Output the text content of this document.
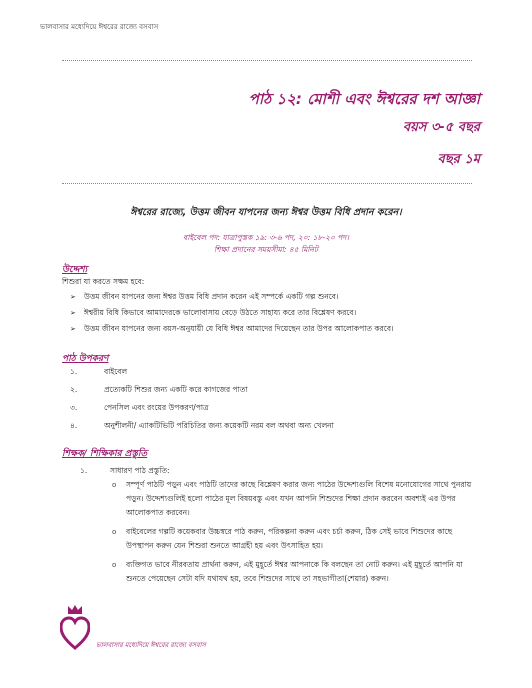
ভালবাসার মধ্যেদিয়ে ঈশ্বরের রাজ্যে বসবাস
পাঠ ১২: মোশী এবং ঈশ্বরের দশ আজ্ঞা
বয়স ৩-৫ বছর
বছর ১ম
ঈশ্বরের রাজ্যে, উত্তম জীবন যাপনের জন্য ঈশ্বর উত্তম বিধি প্রদান করেন।
বাইবেল পদ: যাত্রাপুস্তক ১৯: ৩-৬ পদ, ২০: ১৮-২০ পদ।
শিক্ষা প্রদানের সময়সীমা: ৪৫ মিনিট
উদ্দেশ্য
শিশুরা যা করতে সক্ষম হবে:
➢ উত্তম জীবন যাপনের জন্য ঈশ্বর উত্তম বিধি প্রদান করেন এই সম্পর্কে একটি গল্প শুনবে।
➢ ঈশ্বরীয় বিধি কিভাবে আমাদেরকে ভালোবাসায় বেড়ে উঠতে সাহায্য করে তার বিশ্লেষণ করবে।
➢ উত্তম জীবন যাপনের জন্য বয়স-অনুযায়ী যে বিধি ঈশ্বর আমাদের দিয়েছেন তার উপর আলোকপাত করবে।
পাঠ উপকরণ
১.	বাইবেল
২.	প্রত্যেকটি শিশুর জন্য একটি করে কাগজের পাতা
৩.	পেনসিল এবং রংয়ের উপকরণ/পাত্র
৪.	অনুশীলনী/ এ্যাকটিভিটি পরিচিতির জন্য কয়েকটি নরম বল অথবা অন্য খেলনা
শিক্ষক/ শিক্ষিকার প্রস্তুতি
১.	সাধারণ পাঠ প্রস্তুতি:
o সম্পূর্ণ পাঠটি পড়ুন এবং পাঠটি তাদের কাছে বিশ্লেষণ করার জন্য পাঠের উদ্দেশ্যগুলি বিশেষ মনোযোগের সাথে পুনরায় পড়ুন। উদ্দেশ্যগুলিই হলো পাঠের মূল বিষয়বস্তু এবং যখন আপনি শিশুদের শিক্ষা প্রদান করবেন অবশ্যই এর উপর আলোকপাত করবেন।
o বাইবেলের গল্পটি কয়েকবার উচ্চস্বরে পাঠ করুন, পরিকল্পনা করুন এবং চর্চা করুন, ঠিক সেই ভাবে শিশুদের কাছে উপস্থাপন করুন যেন শিশুরা শুনতে আগ্রহী হয় এবং উৎসাহিত হয়।
o ব্যক্তিগত ভাবে নীরবতায় প্রার্থনা করুন, এই মুহূর্তে ঈশ্বর আপনাকে কি বলছেন তা নোট করুন। এই মুহূর্তে আপনি যা শুনতে পেয়েছেন সেটা যদি যথাযথ হয়, তবে শিশুদের সাথে তা সহভাগীতা(শেয়ার) করুন।
ভালবাসার মধ্যেদিয়ে ঈশ্বরের রাজ্যে বসবাস
